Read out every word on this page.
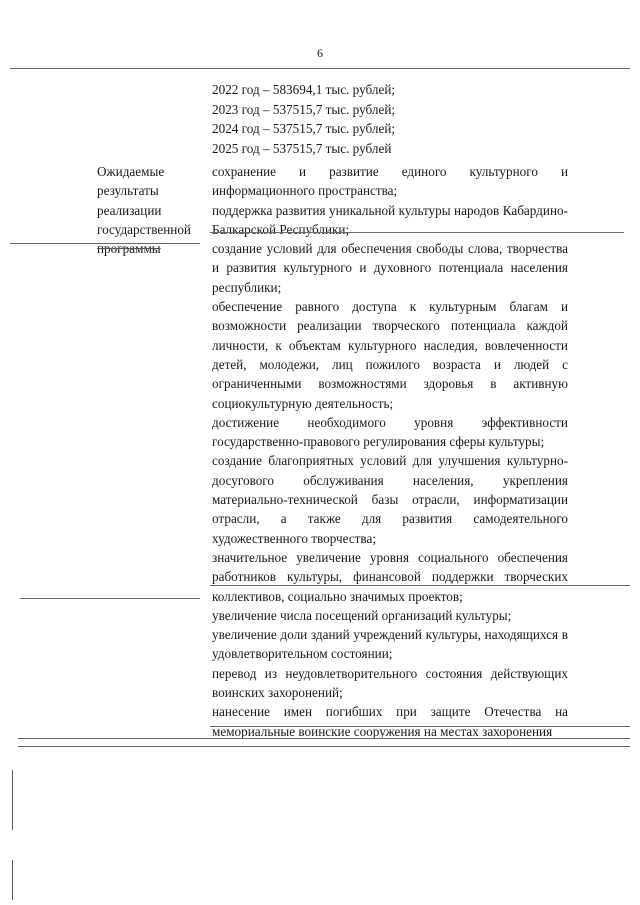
6
2022 год – 583694,1 тыс. рублей;
2023 год – 537515,7 тыс. рублей;
2024 год – 537515,7 тыс. рублей;
2025 год – 537515,7 тыс. рублей
Ожидаемые
результаты
реализации
государственной
программы
сохранение и развитие единого культурного и информационного пространства;
поддержка развития уникальной культуры народов Кабардино-Балкарской Республики;
создание условий для обеспечения свободы слова, творчества и развития культурного и духовного потенциала населения республики;
обеспечение равного доступа к культурным благам и возможности реализации творческого потенциала каждой личности, к объектам культурного наследия, вовлеченности детей, молодежи, лиц пожилого возраста и людей с ограниченными возможностями здоровья в активную социокультурную деятельность;
достижение необходимого уровня эффективности государственно-правового регулирования сферы культуры;
создание благоприятных условий для улучшения культурно-досугового обслуживания населения, укрепления материально-технической базы отрасли, информатизации отрасли, а также для развития самодеятельного художественного творчества;
значительное увеличение уровня социального обеспечения работников культуры, финансовой поддержки творческих коллективов, социально значимых проектов;
увеличение числа посещений организаций культуры;
увеличение доли зданий учреждений культуры, находящихся в удовлетворительном состоянии;
перевод из неудовлетворительного состояния действующих воинских захоронений;
нанесение имен погибших при защите Отечества на мемориальные воинские сооружения на местах захоронения
